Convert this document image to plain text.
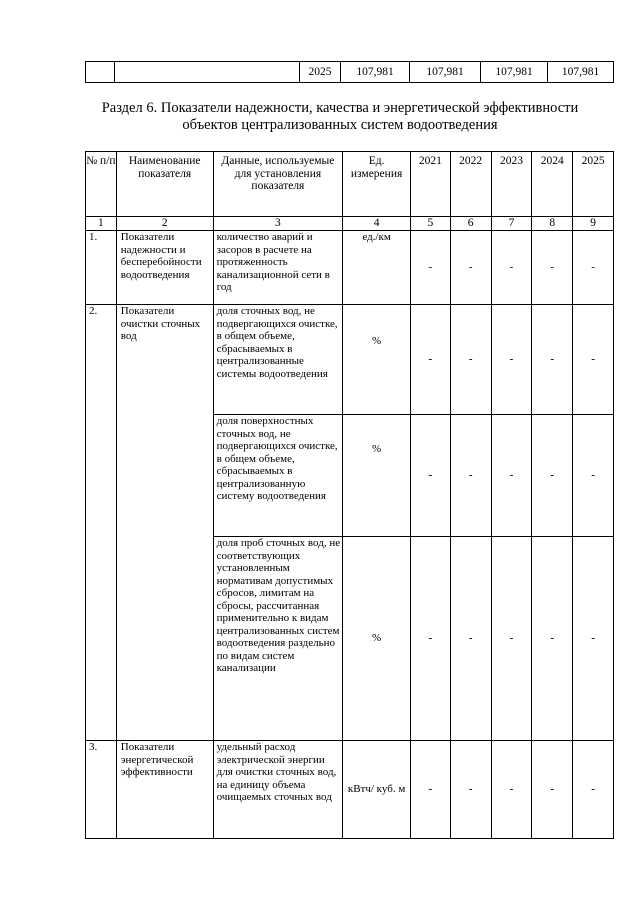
		2025	107,981	107,981	107,981	107,981
Раздел 6. Показатели надежности, качества и энергетической эффективности
объектов централизованных систем водоотведения
№ п/п	Наименование показателя	Данные, используемые для установления показателя	Ед. измерения	2021	2022	2023	2024	2025
1	2	3	4	5	6	7	8	9
1.	Показатели надежности и бесперебойности водоотведения	количество аварий и засоров в расчете на протяженность канализационной сети в год	ед./км	-	-	-	-	-
2.	Показатели очистки сточных вод	доля сточных вод, не подвергающихся очистке, в общем объеме, сбрасываемых в централизованные системы водоотведения	%	-	-	-	-	-
		доля поверхностных сточных вод, не подвергающихся очистке, в общем объеме, сбрасываемых в централизованную систему водоотведения	%	-	-	-	-	-
		доля проб сточных вод, не соответствующих установленным нормативам допустимых сбросов, лимитам на сбросы, рассчитанная применительно к видам централизованных систем водоотведения раздельно по видам систем канализации	%	-	-	-	-	-
3.	Показатели энергетической эффективности	удельный расход электрической энергии для очистки сточных вод, на единицу объема очищаемых сточных вод	кВтч/ куб. м	-	-	-	-	-
